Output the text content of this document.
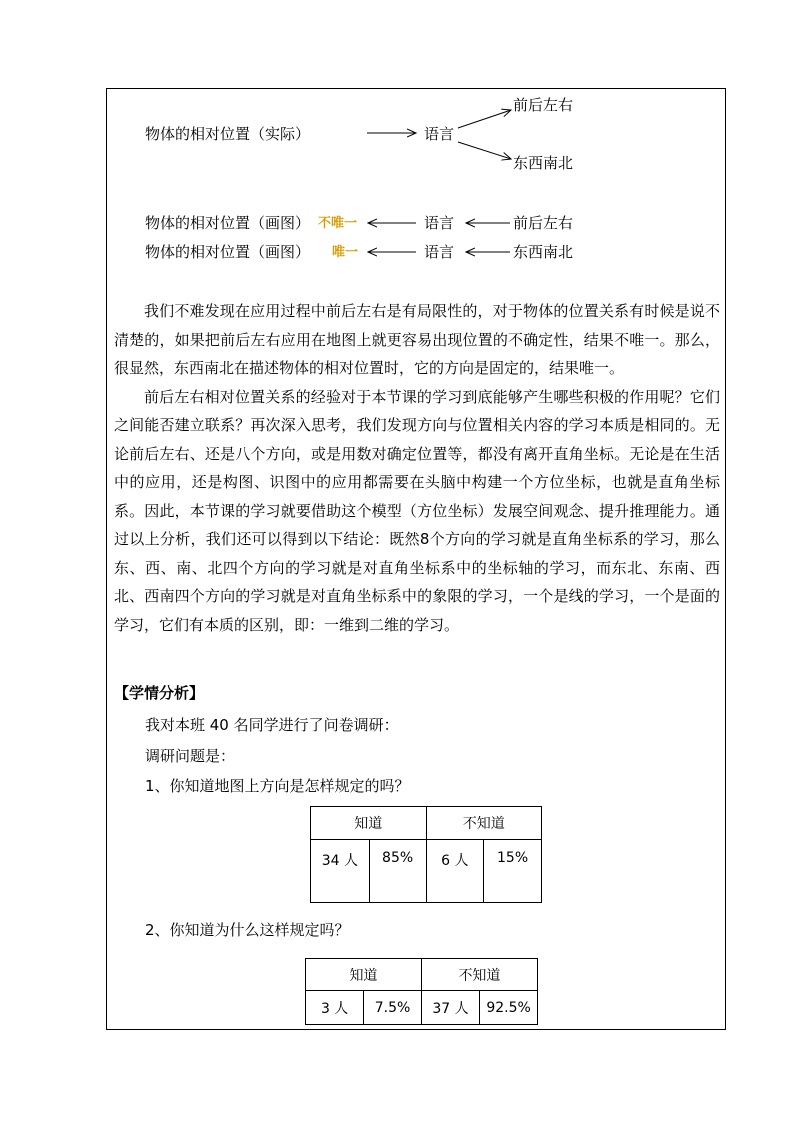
物体的相对位置（实际）	语言
前后左右
东西南北
物体的相对位置（画图） 不唯一	语言	前后左右
物体的相对位置（画图） 唯一	语言	东西南北

我们不难发现在应用过程中前后左右是有局限性的，对于物体的位置关系有时候是说不清楚的，如果把前后左右应用在地图上就更容易出现位置的不确定性，结果不唯一。那么，很显然，东西南北在描述物体的相对位置时，它的方向是固定的，结果唯一。

前后左右相对位置关系的经验对于本节课的学习到底能够产生哪些积极的作用呢？它们之间能否建立联系？再次深入思考，我们发现方向与位置相关内容的学习本质是相同的。无论前后左右、还是八个方向，或是用数对确定位置等，都没有离开直角坐标。无论是在生活中的应用，还是构图、识图中的应用都需要在头脑中构建一个方位坐标，也就是直角坐标系。因此，本节课的学习就要借助这个模型（方位坐标）发展空间观念、提升推理能力。通过以上分析，我们还可以得到以下结论：既然8个方向的学习就是直角坐标系的学习，那么东、西、南、北四个方向的学习就是对直角坐标系中的坐标轴的学习，而东北、东南、西北、西南四个方向的学习就是对直角坐标系中的象限的学习，一个是线的学习，一个是面的学习，它们有本质的区别，即：一维到二维的学习。

【学情分析】
我对本班 40 名同学进行了问卷调研：
调研问题是：
1、你知道地图上方向是怎样规定的吗？
知道		不知道	
34 人	85%	6 人	15%
2、你知道为什么这样规定吗？
知道		不知道	
3 人	7.5%	37 人	92.5%
